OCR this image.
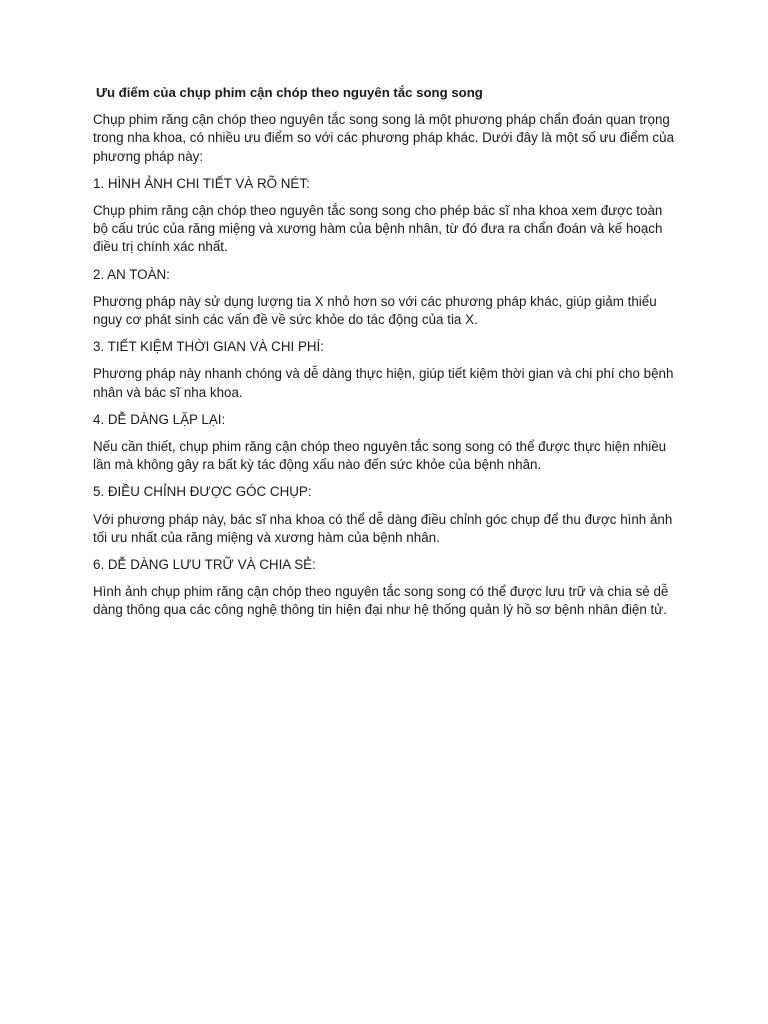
Ưu điểm của chụp phim cận chóp theo nguyên tắc song song

Chụp phim răng cận chóp theo nguyên tắc song song là một phương pháp chẩn đoán quan trọng trong nha khoa, có nhiều ưu điểm so với các phương pháp khác. Dưới đây là một số ưu điểm của phương pháp này:

1. HÌNH ẢNH CHI TIẾT VÀ RÕ NÉT:

Chụp phim răng cận chóp theo nguyên tắc song song cho phép bác sĩ nha khoa xem được toàn bộ cấu trúc của răng miệng và xương hàm của bệnh nhân, từ đó đưa ra chẩn đoán và kế hoạch điều trị chính xác nhất.

2. AN TOÀN:

Phương pháp này sử dụng lượng tia X nhỏ hơn so với các phương pháp khác, giúp giảm thiểu nguy cơ phát sinh các vấn đề về sức khỏe do tác động của tia X.

3. TIẾT KIỆM THỜI GIAN VÀ CHI PHÍ:

Phương pháp này nhanh chóng và dễ dàng thực hiện, giúp tiết kiệm thời gian và chi phí cho bệnh nhân và bác sĩ nha khoa.

4. DỄ DÀNG LẶP LẠI:

Nếu cần thiết, chụp phim răng cận chóp theo nguyên tắc song song có thể được thực hiện nhiều lần mà không gây ra bất kỳ tác động xấu nào đến sức khỏe của bệnh nhân.

5. ĐIỀU CHỈNH ĐƯỢC GÓC CHỤP:

Với phương pháp này, bác sĩ nha khoa có thể dễ dàng điều chỉnh góc chụp để thu được hình ảnh tối ưu nhất của răng miệng và xương hàm của bệnh nhân.

6. DỄ DÀNG LƯU TRỮ VÀ CHIA SẺ:

Hình ảnh chụp phim răng cận chóp theo nguyên tắc song song có thể được lưu trữ và chia sẻ dễ dàng thông qua các công nghệ thông tin hiện đại như hệ thống quản lý hồ sơ bệnh nhân điện tử.
